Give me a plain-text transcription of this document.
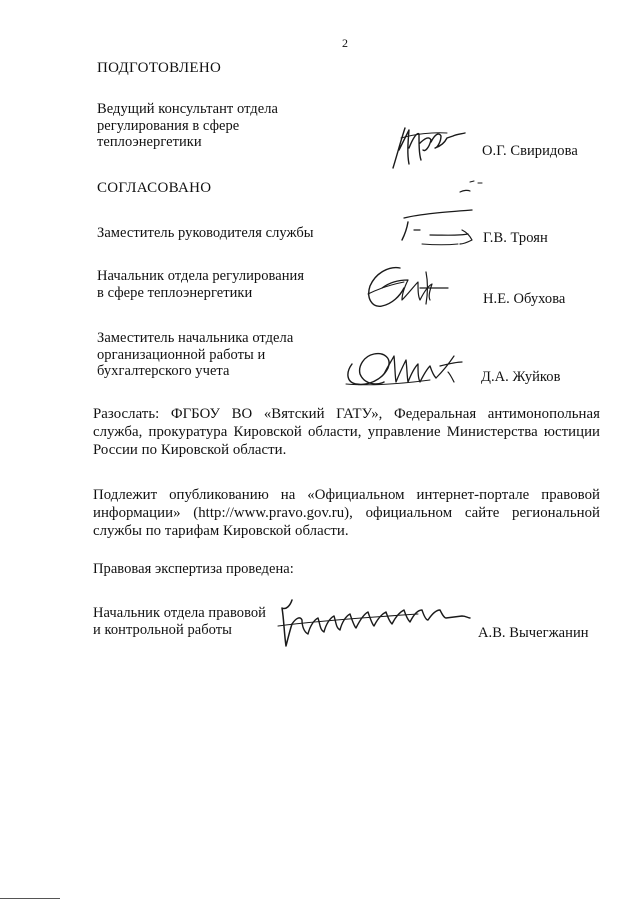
2
ПОДГОТОВЛЕНО
Ведущий консультант отдела
регулирования в сфере
теплоэнергетики
О.Г. Свиридова
СОГЛАСОВАНО
Заместитель руководителя службы	Г.В. Троян
Начальник отдела регулирования
в сфере теплоэнергетики	Н.Е. Обухова
Заместитель начальника отдела
организационной работы и
бухгалтерского учета	Д.А. Жуйков
Разослать: ФГБОУ ВО «Вятский ГАТУ», Федеральная антимонопольная служба, прокуратура Кировской области, управление Министерства юстиции России по Кировской области.
Подлежит опубликованию на «Официальном интернет-портале правовой информации» (http://www.pravo.gov.ru), официальном сайте региональной службы по тарифам Кировской области.
Правовая экспертиза проведена:
Начальник отдела правовой
и контрольной работы	А.В. Вычегжанин
